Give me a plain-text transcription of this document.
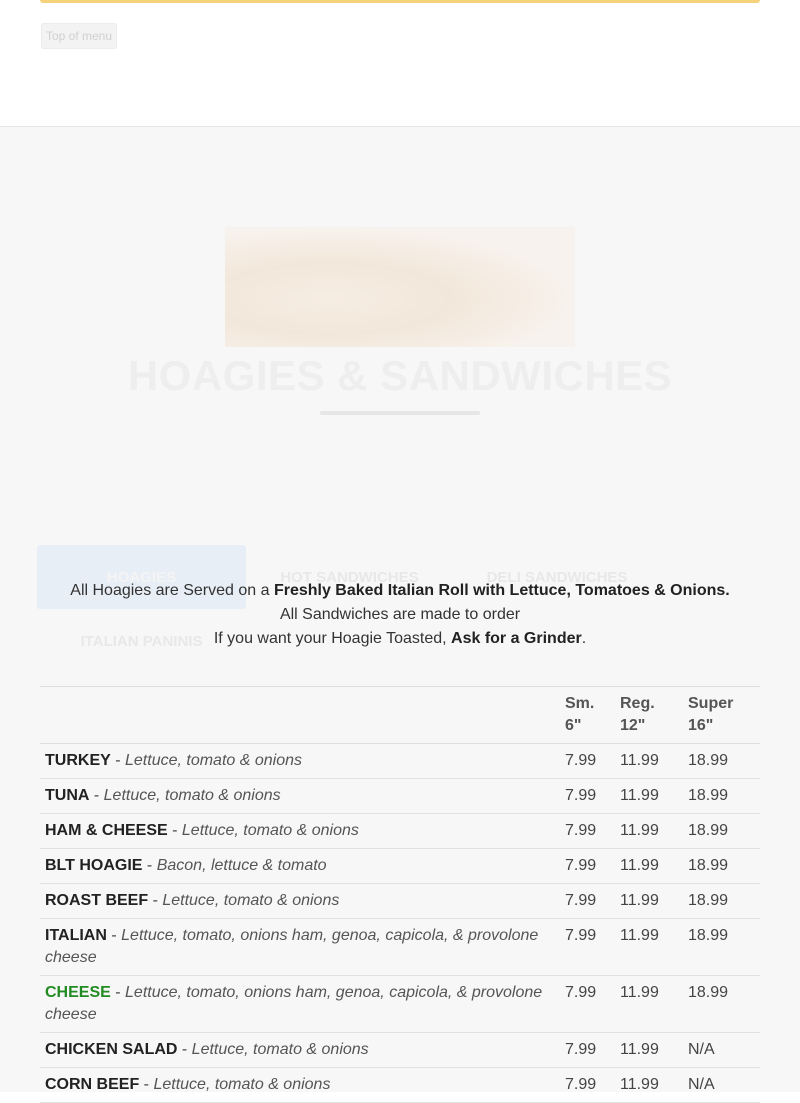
Top of menu
HOAGIES & SANDWICHES
HOAGIES	HOT SANDWICHES	DELI SANDWICHES
ITALIAN PANINIS
All Hoagies are Served on a Freshly Baked Italian Roll with Lettuce, Tomatoes & Onions.
All Sandwiches are made to order
If you want your Hoagie Toasted, Ask for a Grinder.
	Sm. 6"	Reg. 12"	Super 16"
TURKEY - Lettuce, tomato & onions	7.99	11.99	18.99
TUNA - Lettuce, tomato & onions	7.99	11.99	18.99
HAM & CHEESE - Lettuce, tomato & onions	7.99	11.99	18.99
BLT HOAGIE - Bacon, lettuce & tomato	7.99	11.99	18.99
ROAST BEEF - Lettuce, tomato & onions	7.99	11.99	18.99
ITALIAN - Lettuce, tomato, onions ham, genoa, capicola, & provolone cheese	7.99	11.99	18.99
CHEESE - Lettuce, tomato, onions ham, genoa, capicola, & provolone cheese	7.99	11.99	18.99
CHICKEN SALAD - Lettuce, tomato & onions	7.99	11.99	N/A
CORN BEEF - Lettuce, tomato & onions	7.99	11.99	N/A
